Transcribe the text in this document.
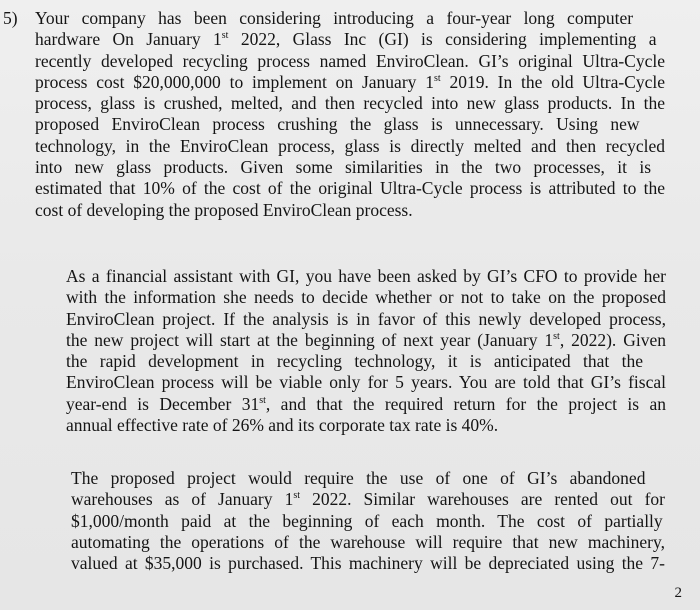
5) Your company has been considering introducing a four-year long computer
hardware On January 1st 2022, Glass Inc (GI) is considering implementing a
recently developed recycling process named EnviroClean. GI’s original Ultra-Cycle
process cost $20,000,000 to implement on January 1st 2019. In the old Ultra-Cycle
process, glass is crushed, melted, and then recycled into new glass products. In the
proposed EnviroClean process crushing the glass is unnecessary. Using new
technology, in the EnviroClean process, glass is directly melted and then recycled
into new glass products. Given some similarities in the two processes, it is
estimated that 10% of the cost of the original Ultra-Cycle process is attributed to the
cost of developing the proposed EnviroClean process.
As a financial assistant with GI, you have been asked by GI’s CFO to provide her
with the information she needs to decide whether or not to take on the proposed
EnviroClean project. If the analysis is in favor of this newly developed process,
the new project will start at the beginning of next year (January 1st, 2022). Given
the rapid development in recycling technology, it is anticipated that the
EnviroClean process will be viable only for 5 years. You are told that GI’s fiscal
year-end is December 31st, and that the required return for the project is an
annual effective rate of 26% and its corporate tax rate is 40%.
The proposed project would require the use of one of GI’s abandoned
warehouses as of January 1st 2022. Similar warehouses are rented out for
$1,000/month paid at the beginning of each month. The cost of partially
automating the operations of the warehouse will require that new machinery,
valued at $35,000 is purchased. This machinery will be depreciated using the 7-
2
